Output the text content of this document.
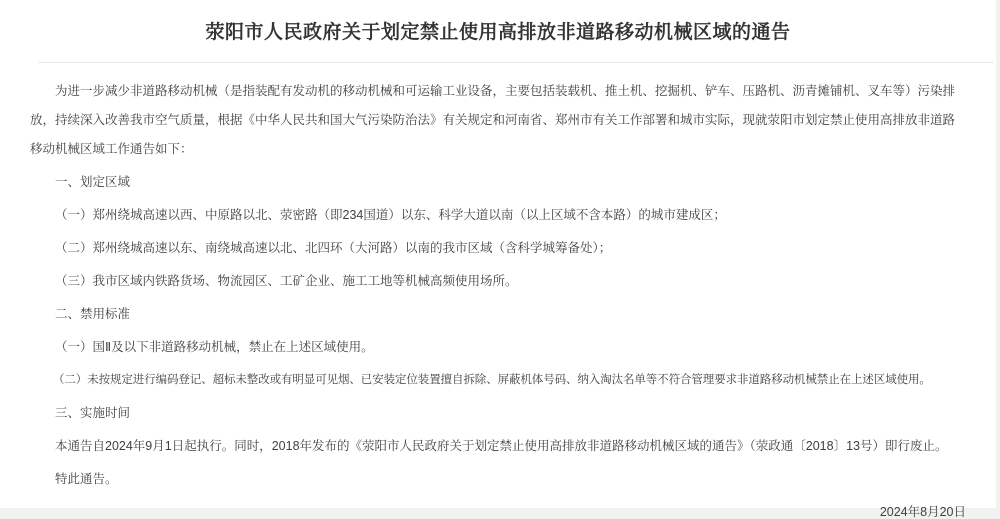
荥阳市人民政府关于划定禁止使用高排放非道路移动机械区域的通告

为进一步减少非道路移动机械（是指装配有发动机的移动机械和可运输工业设备，主要包括装载机、推土机、挖掘机、铲车、压路机、沥青摊铺机、叉车等）污染排放，持续深入改善我市空气质量，根据《中华人民共和国大气污染防治法》有关规定和河南省、郑州市有关工作部署和城市实际，现就荥阳市划定禁止使用高排放非道路移动机械区域工作通告如下：

一、划定区域

（一）郑州绕城高速以西、中原路以北、荥密路（即234国道）以东、科学大道以南（以上区域不含本路）的城市建成区；

（二）郑州绕城高速以东、南绕城高速以北、北四环（大河路）以南的我市区域（含科学城筹备处）；

（三）我市区域内铁路货场、物流园区、工矿企业、施工工地等机械高频使用场所。

二、禁用标准

（一）国Ⅱ及以下非道路移动机械，禁止在上述区域使用。

（二）未按规定进行编码登记、超标未整改或有明显可见烟、已安装定位装置擅自拆除、屏蔽机体号码、纳入淘汰名单等不符合管理要求非道路移动机械禁止在上述区域使用。

三、实施时间

本通告自2024年9月1日起执行。同时，2018年发布的《荥阳市人民政府关于划定禁止使用高排放非道路移动机械区域的通告》（荥政通〔2018〕13号）即行废止。

特此通告。

2024年8月20日
